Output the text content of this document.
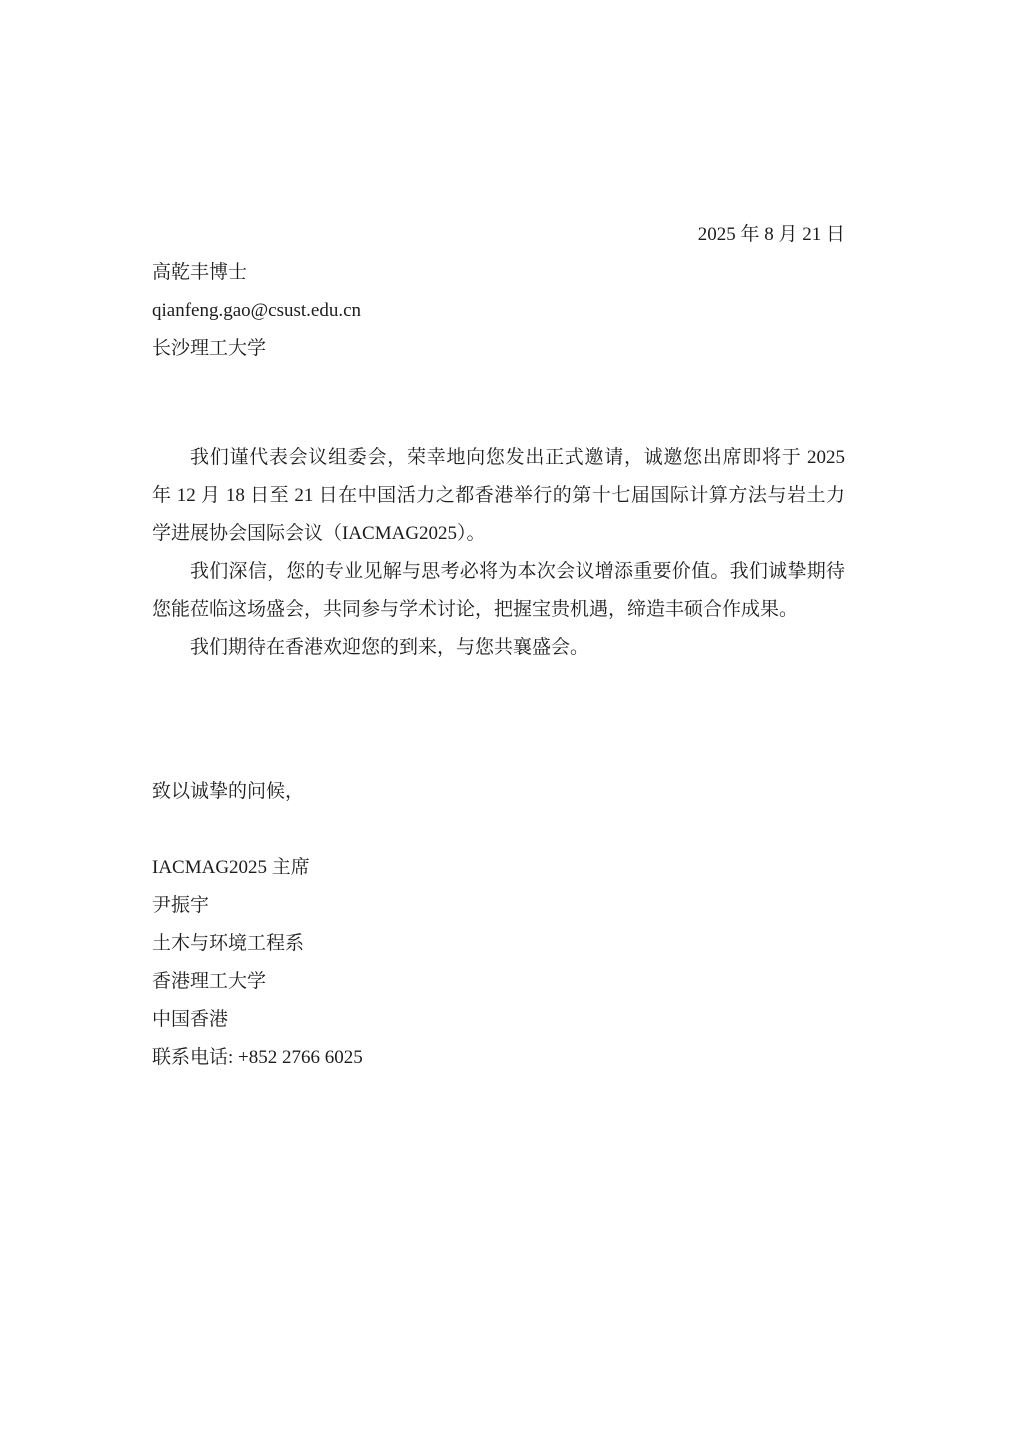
2025 年 8 月 21 日
高乾丰博士
qianfeng.gao@csust.edu.cn
长沙理工大学

我们谨代表会议组委会，荣幸地向您发出正式邀请，诚邀您出席即将于 2025 年 12 月 18 日至 21 日在中国活力之都香港举行的第十七届国际计算方法与岩土力学进展协会国际会议（IACMAG2025）。

我们深信，您的专业见解与思考必将为本次会议增添重要价值。我们诚挚期待您能莅临这场盛会，共同参与学术讨论，把握宝贵机遇，缔造丰硕合作成果。

我们期待在香港欢迎您的到来，与您共襄盛会。

致以诚挚的问候，
IACMAG2025 主席
尹振宇
土木与环境工程系
香港理工大学
中国香港
联系电话: +852 2766 6025
